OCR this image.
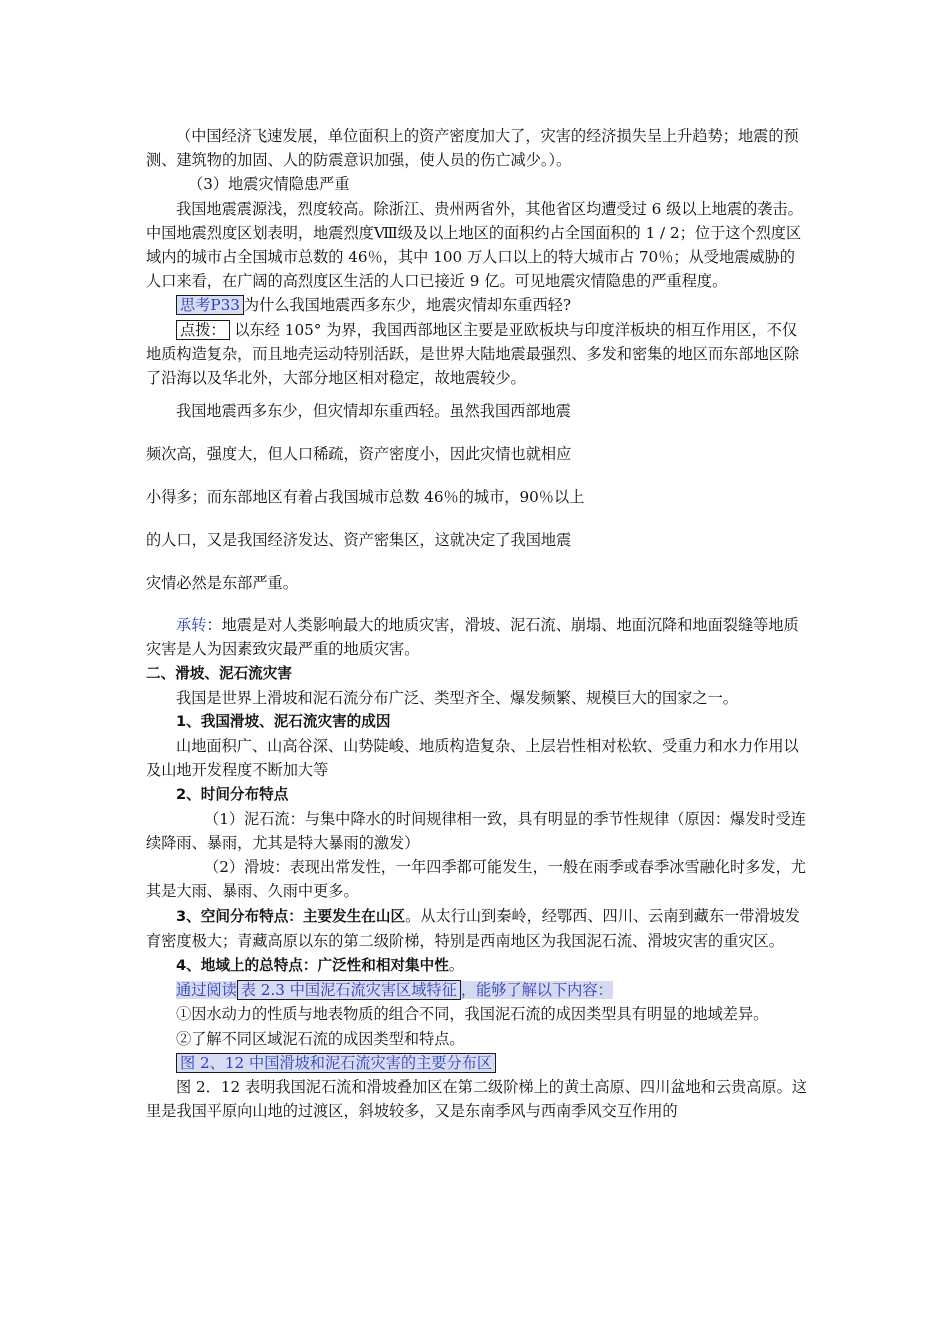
（中国经济飞速发展，单位面积上的资产密度加大了，灾害的经济损失呈上升趋势；地震的预测、建筑物的加固、人的防震意识加强，使人员的伤亡减少。）。

（3）地震灾情隐患严重

我国地震震源浅，烈度较高。除浙江、贵州两省外，其他省区均遭受过 6 级以上地震的袭击。中国地震烈度区划表明，地震烈度Ⅷ级及以上地区的面积约占全国面积的 1 / 2；位于这个烈度区域内的城市占全国城市总数的 46％，其中 100 万人口以上的特大城市占 70％；从受地震威胁的人口来看，在广阔的高烈度区生活的人口已接近 9 亿。可见地震灾情隐患的严重程度。

思考P33 为什么我国地震西多东少，地震灾情却东重西轻?

点拨： 以东经 105° 为界，我国西部地区主要是亚欧板块与印度洋板块的相互作用区，不仅地质构造复杂，而且地壳运动特别活跃，是世界大陆地震最强烈、多发和密集的地区而东部地区除了沿海以及华北外，大部分地区相对稳定，故地震较少。

我国地震西多东少，但灾情却东重西轻。虽然我国西部地震

频次高，强度大，但人口稀疏，资产密度小，因此灾情也就相应

小得多；而东部地区有着占我国城市总数 46％的城市，90％以上

的人口，又是我国经济发达、资产密集区，这就决定了我国地震

灾情必然是东部严重。

承转：地震是对人类影响最大的地质灾害，滑坡、泥石流、崩塌、地面沉降和地面裂缝等地质灾害是人为因素致灾最严重的地质灾害。

二、滑坡、泥石流灾害

我国是世界上滑坡和泥石流分布广泛、类型齐全、爆发频繁、规模巨大的国家之一。

1、我国滑坡、泥石流灾害的成因

山地面积广、山高谷深、山势陡峻、地质构造复杂、上层岩性相对松软、受重力和水力作用以及山地开发程度不断加大等

2、时间分布特点

（1）泥石流：与集中降水的时间规律相一致，具有明显的季节性规律（原因：爆发时受连续降雨、暴雨，尤其是特大暴雨的激发）

（2）滑坡：表现出常发性，一年四季都可能发生，一般在雨季或春季冰雪融化时多发，尤其是大雨、暴雨、久雨中更多。

3、空间分布特点：主要发生在山区。从太行山到秦岭，经鄂西、四川、云南到藏东一带滑坡发育密度极大；青藏高原以东的第二级阶梯，特别是西南地区为我国泥石流、滑坡灾害的重灾区。

4、地域上的总特点：广泛性和相对集中性。

通过阅读 表 2.3 中国泥石流灾害区域特征 ，能够了解以下内容：

①因水动力的性质与地表物质的组合不同，我国泥石流的成因类型具有明显的地域差异。

②了解不同区域泥石流的成因类型和特点。

图 2、12 中国滑坡和泥石流灾害的主要分布区

图 2．12 表明我国泥石流和滑坡叠加区在第二级阶梯上的黄土高原、四川盆地和云贵高原。这里是我国平原向山地的过渡区，斜坡较多，又是东南季风与西南季风交互作用的
